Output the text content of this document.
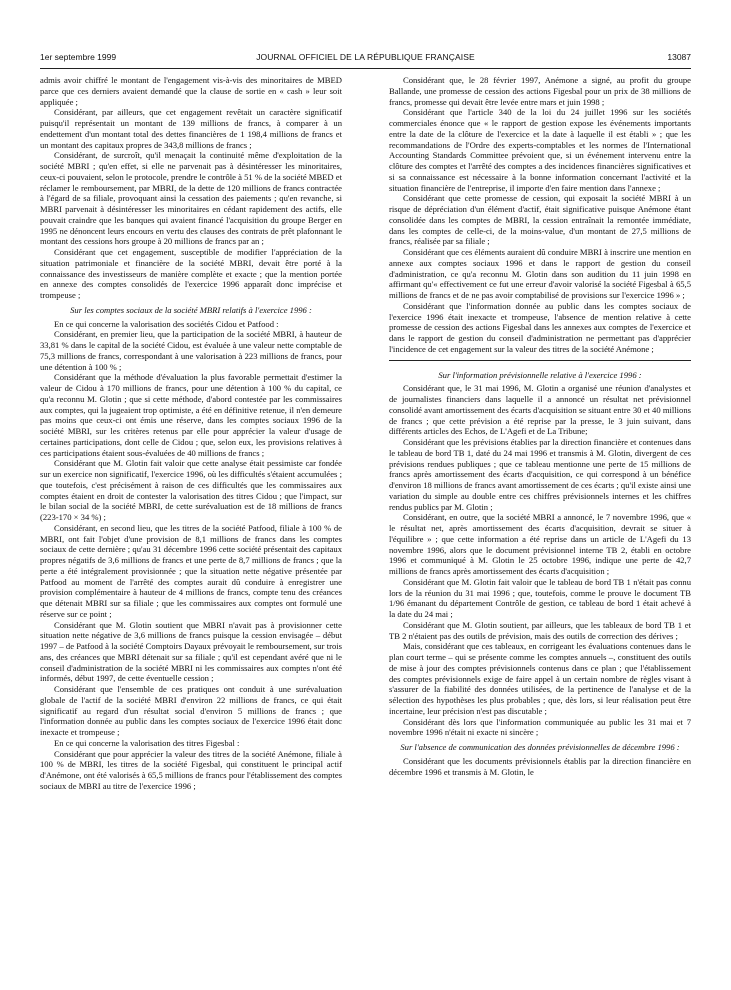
1er septembre 1999	JOURNAL OFFICIEL DE LA RÉPUBLIQUE FRANÇAISE	13087

admis avoir chiffré le montant de l'engagement vis-à-vis des minoritaires de MBED parce que ces derniers avaient demandé que la clause de sortie en « cash » leur soit appliquée ;

Considérant, par ailleurs, que cet engagement revêtait un caractère significatif puisqu'il représentait un montant de 139 millions de francs, à comparer à un endettement d'un montant total des dettes financières de 1 198,4 millions de francs et un montant des capitaux propres de 343,8 millions de francs ;

Considérant, de surcroît, qu'il menaçait la continuité même d'exploitation de la société MBRI ; qu'en effet, si elle ne parvenait pas à désintéresser les minoritaires, ceux-ci pouvaient, selon le protocole, prendre le contrôle à 51 % de la société MBED et réclamer le remboursement, par MBRI, de la dette de 120 millions de francs contractée à l'égard de sa filiale, provoquant ainsi la cessation des paiements ; qu'en revanche, si MBRI parvenait à désintéresser les minoritaires en cédant rapidement des actifs, elle pouvait craindre que les banques qui avaient financé l'acquisition du groupe Berger en 1995 ne dénoncent leurs encours en vertu des clauses des contrats de prêt plafonnant le montant des cessions hors groupe à 20 millions de francs par an ;

Considérant que cet engagement, susceptible de modifier l'appréciation de la situation patrimoniale et financière de la société MBRI, devait être porté à la connaissance des investisseurs de manière complète et exacte ; que la mention portée en annexe des comptes consolidés de l'exercice 1996 apparaît donc imprécise et trompeuse ;

Sur les comptes sociaux de la société MBRI relatifs à l'exercice 1996 :

En ce qui concerne la valorisation des sociétés Cidou et Patfood :

Considérant, en premier lieu, que la participation de la société MBRI, à hauteur de 33,81 % dans le capital de la société Cidou, est évaluée à une valeur nette comptable de 75,3 millions de francs, correspondant à une valorisation à 223 millions de francs, pour une détention à 100 % ;

Considérant que la méthode d'évaluation la plus favorable permettait d'estimer la valeur de Cidou à 170 millions de francs, pour une détention à 100 % du capital, ce qu'a reconnu M. Glotin ; que si cette méthode, d'abord contestée par les commissaires aux comptes, qui la jugeaient trop optimiste, a été en définitive retenue, il n'en demeure pas moins que ceux-ci ont émis une réserve, dans les comptes sociaux 1996 de la société MBRI, sur les critères retenus par elle pour apprécier la valeur d'usage de certaines participations, dont celle de Cidou ; que, selon eux, les provisions relatives à ces participations étaient sous-évaluées de 40 millions de francs ;

Considérant que M. Glotin fait valoir que cette analyse était pessimiste car fondée sur un exercice non significatif, l'exercice 1996, où les difficultés s'étaient accumulées ; que toutefois, c'est précisément à raison de ces difficultés que les commissaires aux comptes étaient en droit de contester la valorisation des titres Cidou ; que l'impact, sur le bilan social de la société MBRI, de cette surévaluation est de 18 millions de francs (223-170 × 34 %) ;

Considérant, en second lieu, que les titres de la société Patfood, filiale à 100 % de MBRI, ont fait l'objet d'une provision de 8,1 millions de francs dans les comptes sociaux de cette dernière ; qu'au 31 décembre 1996 cette société présentait des capitaux propres négatifs de 3,6 millions de francs et une perte de 8,7 millions de francs ; que la perte a été intégralement provisionnée ; que la situation nette négative présentée par Patfood au moment de l'arrêté des comptes aurait dû conduire à enregistrer une provision complémentaire à hauteur de 4 millions de francs, compte tenu des créances que détenait MBRI sur sa filiale ; que les commissaires aux comptes ont formulé une réserve sur ce point ;

Considérant que M. Glotin soutient que MBRI n'avait pas à provisionner cette situation nette négative de 3,6 millions de francs puisque la cession envisagée – début 1997 – de Patfood à la société Comptoirs Dayaux prévoyait le remboursement, sur trois ans, des créances que MBRI détenait sur sa filiale ; qu'il est cependant avéré que ni le conseil d'administration de la société MBRI ni les commissaires aux comptes n'ont été informés, début 1997, de cette éventuelle cession ;

Considérant que l'ensemble de ces pratiques ont conduit à une surévaluation globale de l'actif de la société MBRI d'environ 22 millions de francs, ce qui était significatif au regard d'un résultat social d'environ 5 millions de francs ; que l'information donnée au public dans les comptes sociaux de l'exercice 1996 était donc inexacte et trompeuse ;

En ce qui concerne la valorisation des titres Figesbal :

Considérant que pour apprécier la valeur des titres de la société Anémone, filiale à 100 % de MBRI, les titres de la société Figesbal, qui constituent le principal actif d'Anémone, ont été valorisés à 65,5 millions de francs pour l'établissement des comptes sociaux de MBRI au titre de l'exercice 1996 ;

Considérant que, le 28 février 1997, Anémone a signé, au profit du groupe Ballande, une promesse de cession des actions Figesbal pour un prix de 38 millions de francs, promesse qui devait être levée entre mars et juin 1998 ;

Considérant que l'article 340 de la loi du 24 juillet 1996 sur les sociétés commerciales énonce que « le rapport de gestion expose les événements importants entre la date de la clôture de l'exercice et la date à laquelle il est établi » ; que les recommandations de l'Ordre des experts-comptables et les normes de l'International Accounting Standards Committee prévoient que, si un événement intervenu entre la clôture des comptes et l'arrêté des comptes a des incidences financières significatives et si sa connaissance est nécessaire à la bonne information concernant l'activité et la situation financière de l'entreprise, il importe d'en faire mention dans l'annexe ;

Considérant que cette promesse de cession, qui exposait la société MBRI à un risque de dépréciation d'un élément d'actif, était significative puisque Anémone étant consolidée dans les comptes de MBRI, la cession entraînait la remontée immédiate, dans les comptes de celle-ci, de la moins-value, d'un montant de 27,5 millions de francs, réalisée par sa filiale ;

Considérant que ces éléments auraient dû conduire MBRI à inscrire une mention en annexe aux comptes sociaux 1996 et dans le rapport de gestion du conseil d'administration, ce qu'a reconnu M. Glotin dans son audition du 11 juin 1998 en affirmant qu'« effectivement ce fut une erreur d'avoir valorisé la société Figesbal à 65,5 millions de francs et de ne pas avoir comptabilisé de provisions sur l'exercice 1996 » ;

Considérant que l'information donnée au public dans les comptes sociaux de l'exercice 1996 était inexacte et trompeuse, l'absence de mention relative à cette promesse de cession des actions Figesbal dans les annexes aux comptes de l'exercice et dans le rapport de gestion du conseil d'administration ne permettant pas d'apprécier l'incidence de cet engagement sur la valeur des titres de la société Anémone ;

Sur l'information prévisionnelle relative à l'exercice 1996 :

Considérant que, le 31 mai 1996, M. Glotin a organisé une réunion d'analystes et de journalistes financiers dans laquelle il a annoncé un résultat net prévisionnel consolidé avant amortissement des écarts d'acquisition se situant entre 30 et 40 millions de francs ; que cette prévision a été reprise par la presse, le 3 juin suivant, dans différents articles des Echos, de L'Agefi et de La Tribune;

Considérant que les prévisions établies par la direction financière et contenues dans le tableau de bord TB 1, daté du 24 mai 1996 et transmis à M. Glotin, divergent de ces prévisions rendues publiques ; que ce tableau mentionne une perte de 15 millions de francs après amortissement des écarts d'acquisition, ce qui correspond à un bénéfice d'environ 18 millions de francs avant amortissement de ces écarts ; qu'il existe ainsi une variation du simple au double entre ces chiffres prévisionnels internes et les chiffres rendus publics par M. Glotin ;

Considérant, en outre, que la société MBRI a annoncé, le 7 novembre 1996, que « le résultat net, après amortissement des écarts d'acquisition, devrait se situer à l'équilibre » ; que cette information a été reprise dans un article de L'Agefi du 13 novembre 1996, alors que le document prévisionnel interne TB 2, établi en octobre 1996 et communiqué à M. Glotin le 25 octobre 1996, indique une perte de 42,7 millions de francs après amortissement des écarts d'acquisition ;

Considérant que M. Glotin fait valoir que le tableau de bord TB 1 n'était pas connu lors de la réunion du 31 mai 1996 ; que, toutefois, comme le prouve le document TB 1/96 émanant du département Contrôle de gestion, ce tableau de bord 1 était achevé à la date du 24 mai ;

Considérant que M. Glotin soutient, par ailleurs, que les tableaux de bord TB 1 et TB 2 n'étaient pas des outils de prévision, mais des outils de correction des dérives ;

Mais, considérant que ces tableaux, en corrigeant les évaluations contenues dans le plan court terme – qui se présente comme les comptes annuels –, constituent des outils de mise à jour des comptes prévisionnels contenus dans ce plan ; que l'établissement des comptes prévisionnels exige de faire appel à un certain nombre de règles visant à s'assurer de la fiabilité des données utilisées, de la pertinence de l'analyse et de la sélection des hypothèses les plus probables ; que, dès lors, si leur réalisation peut être incertaine, leur précision n'est pas discutable ;

Considérant dès lors que l'information communiquée au public les 31 mai et 7 novembre 1996 n'était ni exacte ni sincère ;

Sur l'absence de communication des données prévisionnelles de décembre 1996 :

Considérant que les documents prévisionnels établis par la direction financière en décembre 1996 et transmis à M. Glotin, le
